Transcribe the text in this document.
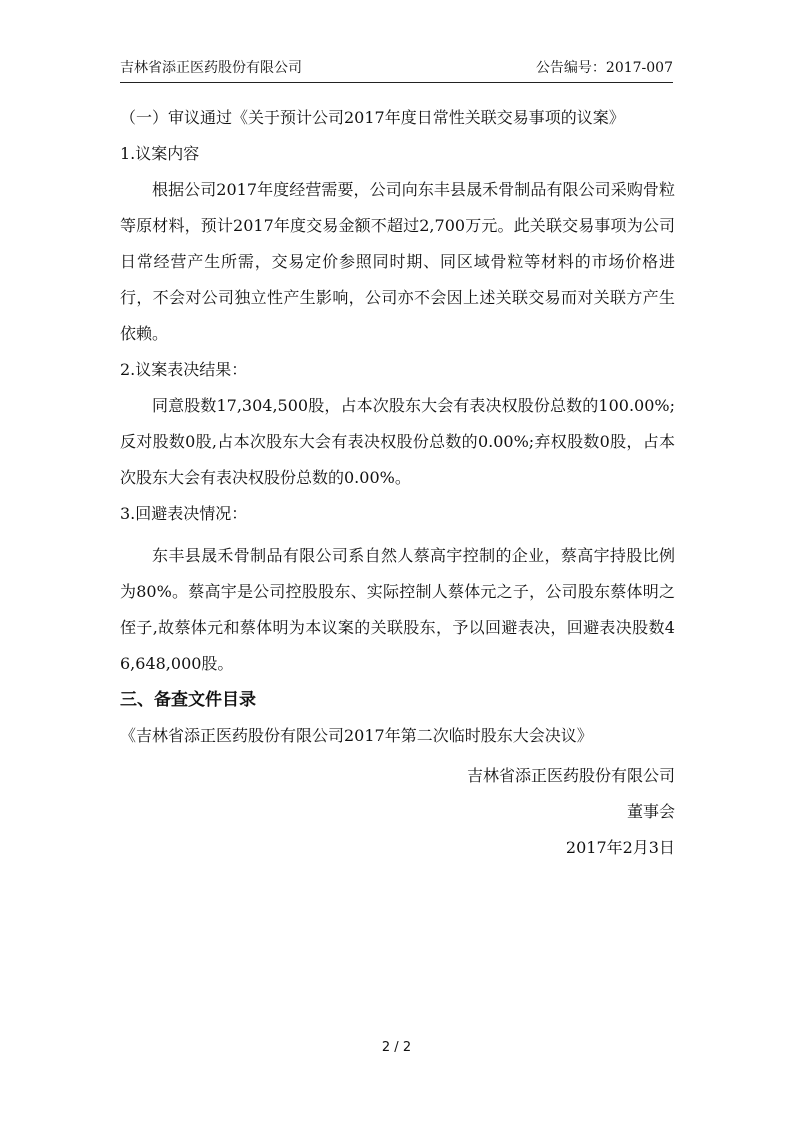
吉林省添正医药股份有限公司	公告编号：2017-007

（一）审议通过《关于预计公司2017年度日常性关联交易事项的议案》

1.议案内容

根据公司2017年度经营需要，公司向东丰县晟禾骨制品有限公司采购骨粒等原材料，预计2017年度交易金额不超过2,700万元。此关联交易事项为公司日常经营产生所需，交易定价参照同时期、同区域骨粒等材料的市场价格进行，不会对公司独立性产生影响，公司亦不会因上述关联交易而对关联方产生依赖。

2.议案表决结果：

同意股数17,304,500股，占本次股东大会有表决权股份总数的100.00%;反对股数0股,占本次股东大会有表决权股份总数的0.00%;弃权股数0股，占本次股东大会有表决权股份总数的0.00%。

3.回避表决情况：

东丰县晟禾骨制品有限公司系自然人蔡高宇控制的企业，蔡高宇持股比例为80%。蔡高宇是公司控股股东、实际控制人蔡体元之子，公司股东蔡体明之侄子,故蔡体元和蔡体明为本议案的关联股东，予以回避表决，回避表决股数46,648,000股。

三、备查文件目录

《吉林省添正医药股份有限公司2017年第二次临时股东大会决议》

吉林省添正医药股份有限公司

董事会

2017年2月3日

2 / 2
